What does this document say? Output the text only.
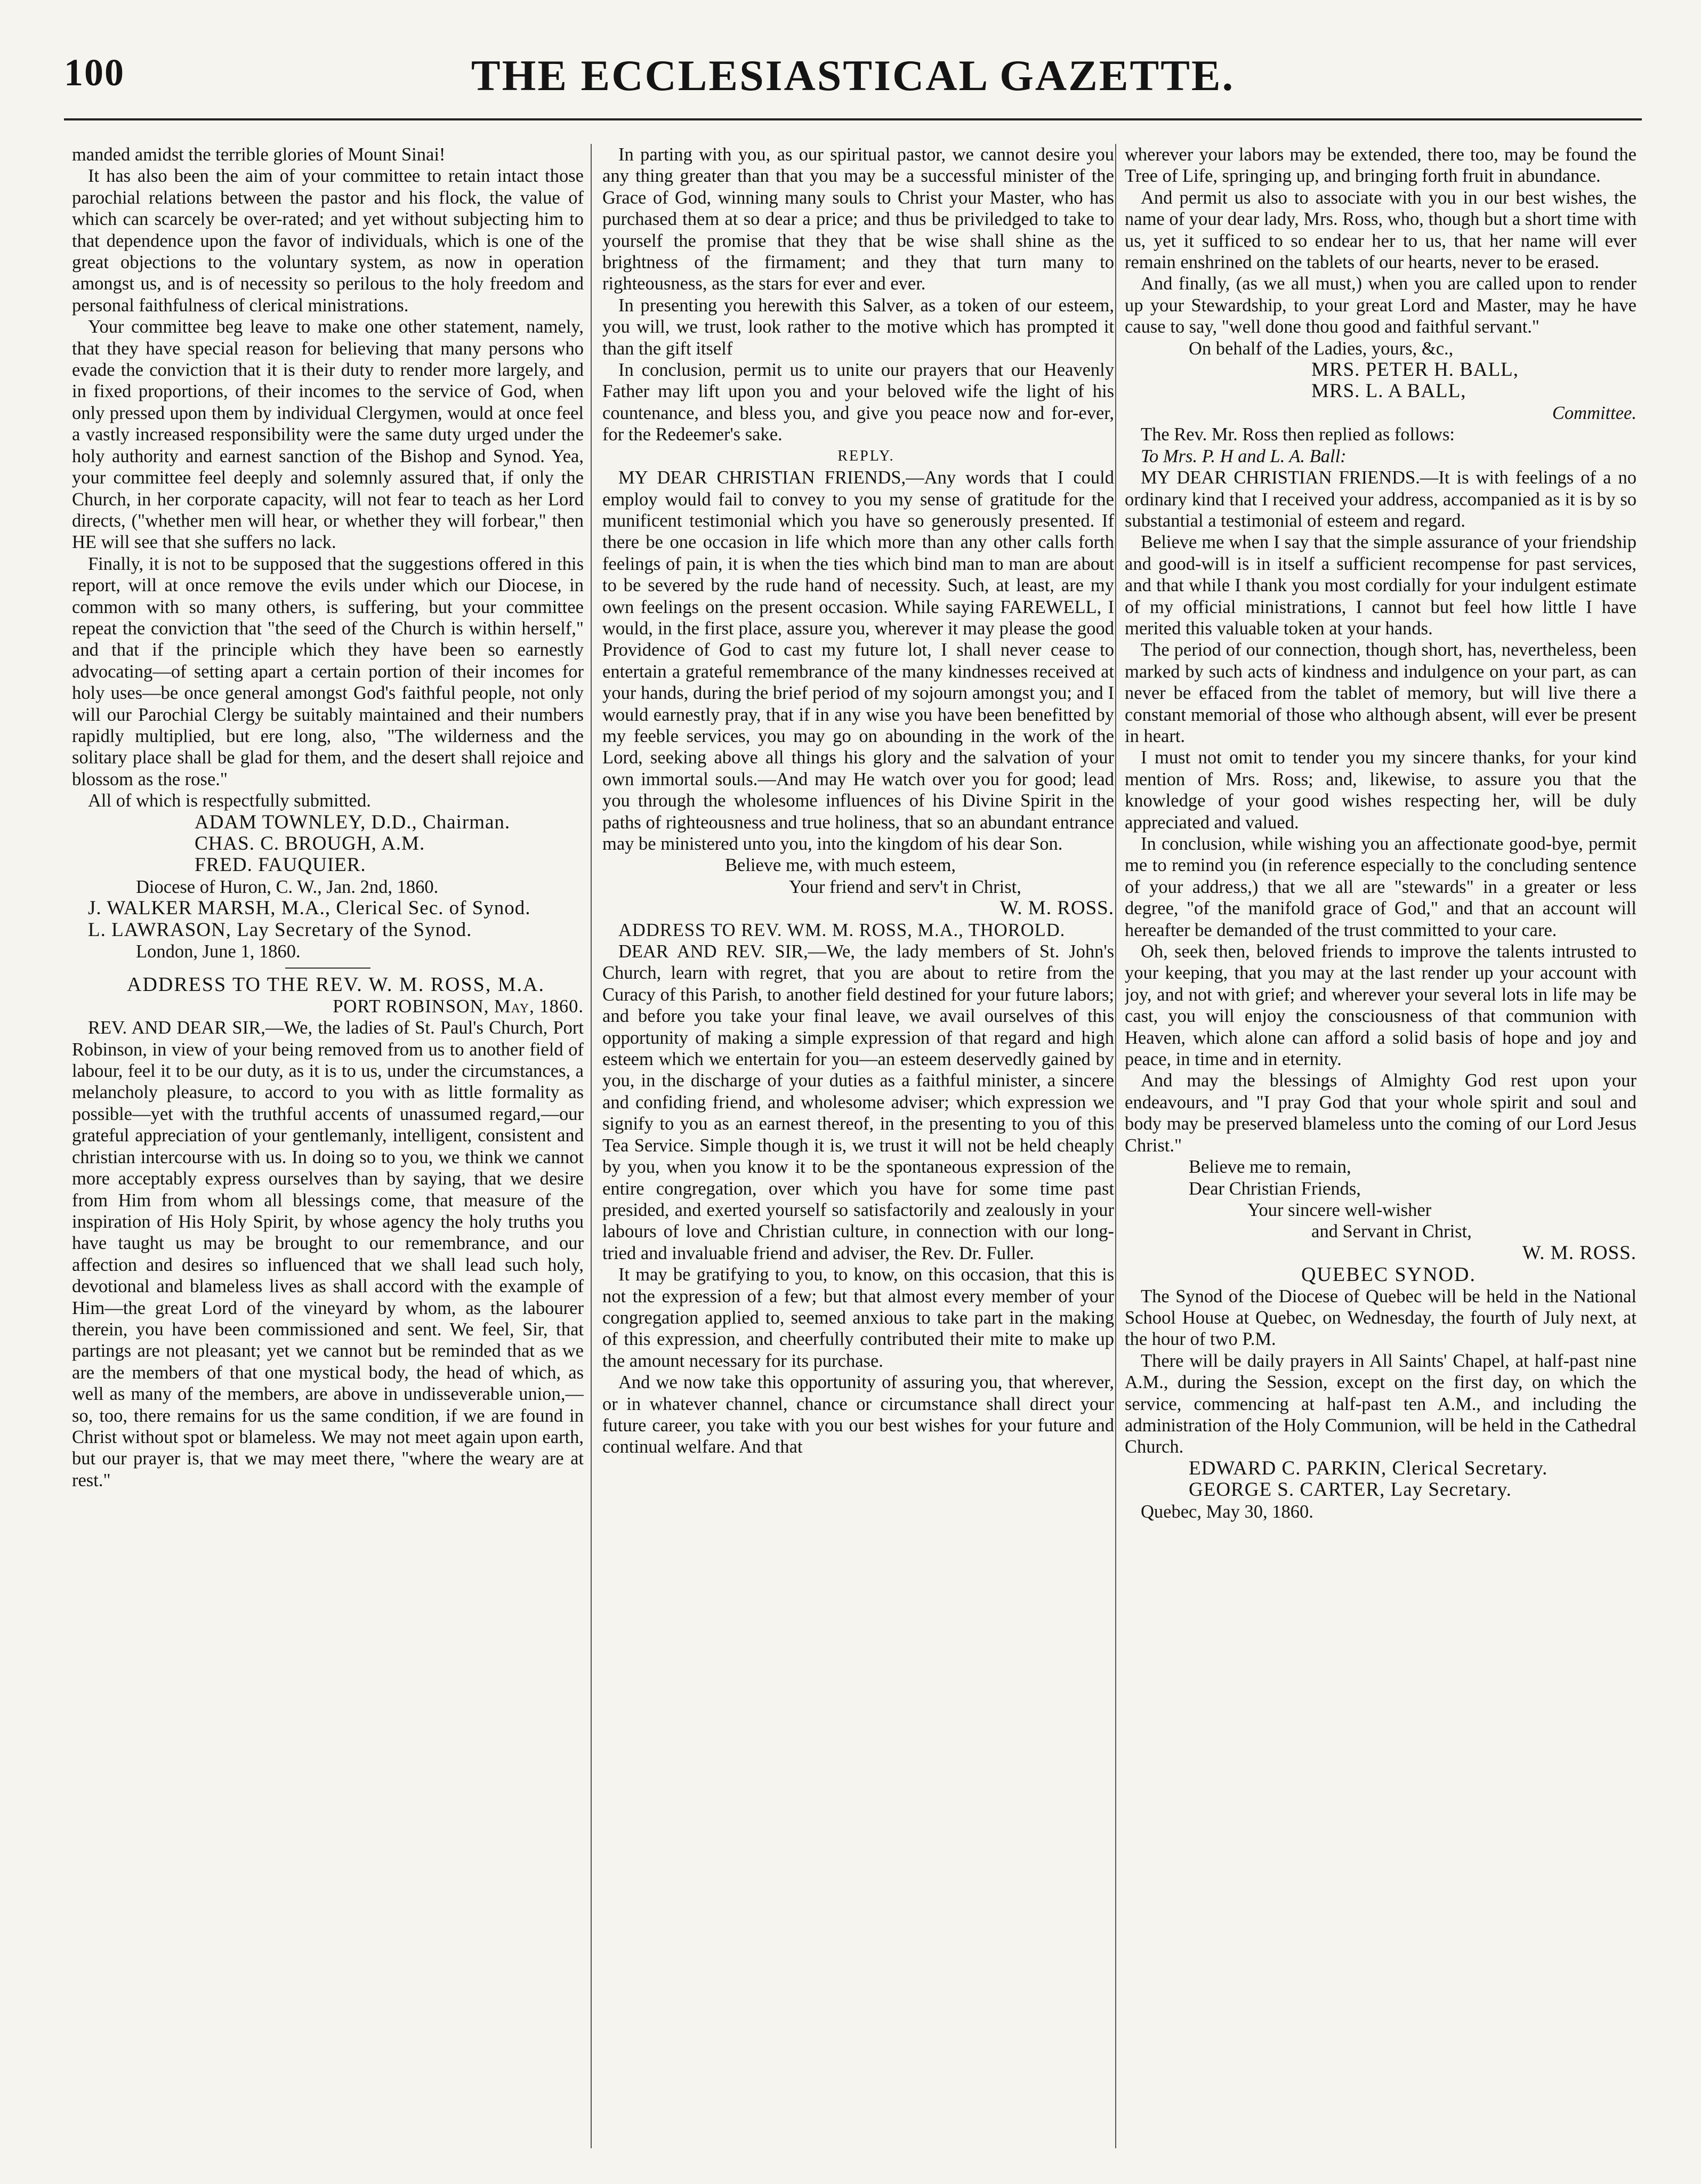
100	THE ECCLESIASTICAL GAZETTE.

manded amidst the terrible glories of Mount Sinai!

It has also been the aim of your committee to retain intact those parochial relations between the pastor and his flock, the value of which can scarcely be over-rated; and yet without subjecting him to that dependence upon the favor of individuals, which is one of the great objections to the voluntary system, as now in operation amongst us, and is of necessity so perilous to the holy freedom and personal faithfulness of clerical ministrations.

Your committee beg leave to make one other statement, namely, that they have special reason for believing that many persons who evade the conviction that it is their duty to render more largely, and in fixed proportions, of their incomes to the service of God, when only pressed upon them by individual Clergymen, would at once feel a vastly increased responsibility were the same duty urged under the holy authority and earnest sanction of the Bishop and Synod. Yea, your committee feel deeply and solemnly assured that, if only the Church, in her corporate capacity, will not fear to teach as her Lord directs, ("whether men will hear, or whether they will forbear," then HE will see that she suffers no lack.

Finally, it is not to be supposed that the suggestions offered in this report, will at once remove the evils under which our Diocese, in common with so many others, is suffering, but your committee repeat the conviction that "the seed of the Church is within herself," and that if the principle which they have been so earnestly advocating—of setting apart a certain portion of their incomes for holy uses—be once general amongst God's faithful people, not only will our Parochial Clergy be suitably maintained and their numbers rapidly multiplied, but ere long, also, "The wilderness and the solitary place shall be glad for them, and the desert shall rejoice and blossom as the rose."

All of which is respectfully submitted.

ADAM TOWNLEY, D.D., Chairman.

CHAS. C. BROUGH, A.M.

FRED. FAUQUIER.

Diocese of Huron, C. W., Jan. 2nd, 1860.

J. WALKER MARSH, M.A., Clerical Sec. of Synod.

L. LAWRASON, Lay Secretary of the Synod.

London, June 1, 1860.

ADDRESS TO THE REV. W. M. ROSS, M.A.

PORT ROBINSON, May, 1860.

REV. AND DEAR SIR,—We, the ladies of St. Paul's Church, Port Robinson, in view of your being removed from us to another field of labour, feel it to be our duty, as it is to us, under the circumstances, a melancholy pleasure, to accord to you with as little formality as possible—yet with the truthful accents of unassumed regard,—our grateful appreciation of your gentlemanly, intelligent, consistent and christian intercourse with us. In doing so to you, we think we cannot more acceptably express ourselves than by saying, that we desire from Him from whom all blessings come, that measure of the inspiration of His Holy Spirit, by whose agency the holy truths you have taught us may be brought to our remembrance, and our affection and desires so influenced that we shall lead such holy, devotional and blameless lives as shall accord with the example of Him—the great Lord of the vineyard by whom, as the labourer therein, you have been commissioned and sent. We feel, Sir, that partings are not pleasant; yet we cannot but be reminded that as we are the members of that one mystical body, the head of which, as well as many of the members, are above in undisseverable union,—so, too, there remains for us the same condition, if we are found in Christ without spot or blameless. We may not meet again upon earth, but our prayer is, that we may meet there, "where the weary are at rest."

In parting with you, as our spiritual pastor, we cannot desire you any thing greater than that you may be a successful minister of the Grace of God, winning many souls to Christ your Master, who has purchased them at so dear a price; and thus be priviledged to take to yourself the promise that they that be wise shall shine as the brightness of the firmament; and they that turn many to righteousness, as the stars for ever and ever.

In presenting you herewith this Salver, as a token of our esteem, you will, we trust, look rather to the motive which has prompted it than the gift itself

In conclusion, permit us to unite our prayers that our Heavenly Father may lift upon you and your beloved wife the light of his countenance, and bless you, and give you peace now and for-ever, for the Redeemer's sake.

REPLY.

MY DEAR CHRISTIAN FRIENDS,—Any words that I could employ would fail to convey to you my sense of gratitude for the munificent testimonial which you have so generously presented. If there be one occasion in life which more than any other calls forth feelings of pain, it is when the ties which bind man to man are about to be severed by the rude hand of necessity. Such, at least, are my own feelings on the present occasion. While saying FAREWELL, I would, in the first place, assure you, wherever it may please the good Providence of God to cast my future lot, I shall never cease to entertain a grateful remembrance of the many kindnesses received at your hands, during the brief period of my sojourn amongst you; and I would earnestly pray, that if in any wise you have been benefitted by my feeble services, you may go on abounding in the work of the Lord, seeking above all things his glory and the salvation of your own immortal souls.—And may He watch over you for good; lead you through the wholesome influences of his Divine Spirit in the paths of righteousness and true holiness, that so an abundant entrance may be ministered unto you, into the kingdom of his dear Son.

Believe me, with much esteem,

Your friend and serv't in Christ,

W. M. ROSS.

ADDRESS TO REV. WM. M. ROSS, M.A., THOROLD.

DEAR AND REV. SIR,—We, the lady members of St. John's Church, learn with regret, that you are about to retire from the Curacy of this Parish, to another field destined for your future labors; and before you take your final leave, we avail ourselves of this opportunity of making a simple expression of that regard and high esteem which we entertain for you—an esteem deservedly gained by you, in the discharge of your duties as a faithful minister, a sincere and confiding friend, and wholesome adviser; which expression we signify to you as an earnest thereof, in the presenting to you of this Tea Service. Simple though it is, we trust it will not be held cheaply by you, when you know it to be the spontaneous expression of the entire congregation, over which you have for some time past presided, and exerted yourself so satisfactorily and zealously in your labours of love and Christian culture, in connection with our long-tried and invaluable friend and adviser, the Rev. Dr. Fuller.

It may be gratifying to you, to know, on this occasion, that this is not the expression of a few; but that almost every member of your congregation applied to, seemed anxious to take part in the making of this expression, and cheerfully contributed their mite to make up the amount necessary for its purchase.

And we now take this opportunity of assuring you, that wherever, or in whatever channel, chance or circumstance shall direct your future career, you take with you our best wishes for your future and continual welfare. And that

wherever your labors may be extended, there too, may be found the Tree of Life, springing up, and bringing forth fruit in abundance.

And permit us also to associate with you in our best wishes, the name of your dear lady, Mrs. Ross, who, though but a short time with us, yet it sufficed to so endear her to us, that her name will ever remain enshrined on the tablets of our hearts, never to be erased.

And finally, (as we all must,) when you are called upon to render up your Stewardship, to your great Lord and Master, may he have cause to say, "well done thou good and faithful servant."

On behalf of the Ladies, yours, &c.,

MRS. PETER H. BALL,

MRS. L. A BALL,

Committee.

The Rev. Mr. Ross then replied as follows:

To Mrs. P. H and L. A. Ball:

MY DEAR CHRISTIAN FRIENDS.—It is with feelings of a no ordinary kind that I received your address, accompanied as it is by so substantial a testimonial of esteem and regard.

Believe me when I say that the simple assurance of your friendship and good-will is in itself a sufficient recompense for past services, and that while I thank you most cordially for your indulgent estimate of my official ministrations, I cannot but feel how little I have merited this valuable token at your hands.

The period of our connection, though short, has, nevertheless, been marked by such acts of kindness and indulgence on your part, as can never be effaced from the tablet of memory, but will live there a constant memorial of those who although absent, will ever be present in heart.

I must not omit to tender you my sincere thanks, for your kind mention of Mrs. Ross; and, likewise, to assure you that the knowledge of your good wishes respecting her, will be duly appreciated and valued.

In conclusion, while wishing you an affectionate good-bye, permit me to remind you (in reference especially to the concluding sentence of your address,) that we all are "stewards" in a greater or less degree, "of the manifold grace of God," and that an account will hereafter be demanded of the trust committed to your care.

Oh, seek then, beloved friends to improve the talents intrusted to your keeping, that you may at the last render up your account with joy, and not with grief; and wherever your several lots in life may be cast, you will enjoy the consciousness of that communion with Heaven, which alone can afford a solid basis of hope and joy and peace, in time and in eternity.

And may the blessings of Almighty God rest upon your endeavours, and "I pray God that your whole spirit and soul and body may be preserved blameless unto the coming of our Lord Jesus Christ."

Believe me to remain,

Dear Christian Friends,

Your sincere well-wisher

and Servant in Christ,

W. M. ROSS.

QUEBEC SYNOD.

The Synod of the Diocese of Quebec will be held in the National School House at Quebec, on Wednesday, the fourth of July next, at the hour of two P.M.

There will be daily prayers in All Saints' Chapel, at half-past nine A.M., during the Session, except on the first day, on which the service, commencing at half-past ten A.M., and including the administration of the Holy Communion, will be held in the Cathedral Church.

EDWARD C. PARKIN, Clerical Secretary.

GEORGE S. CARTER, Lay Secretary.

Quebec, May 30, 1860.
